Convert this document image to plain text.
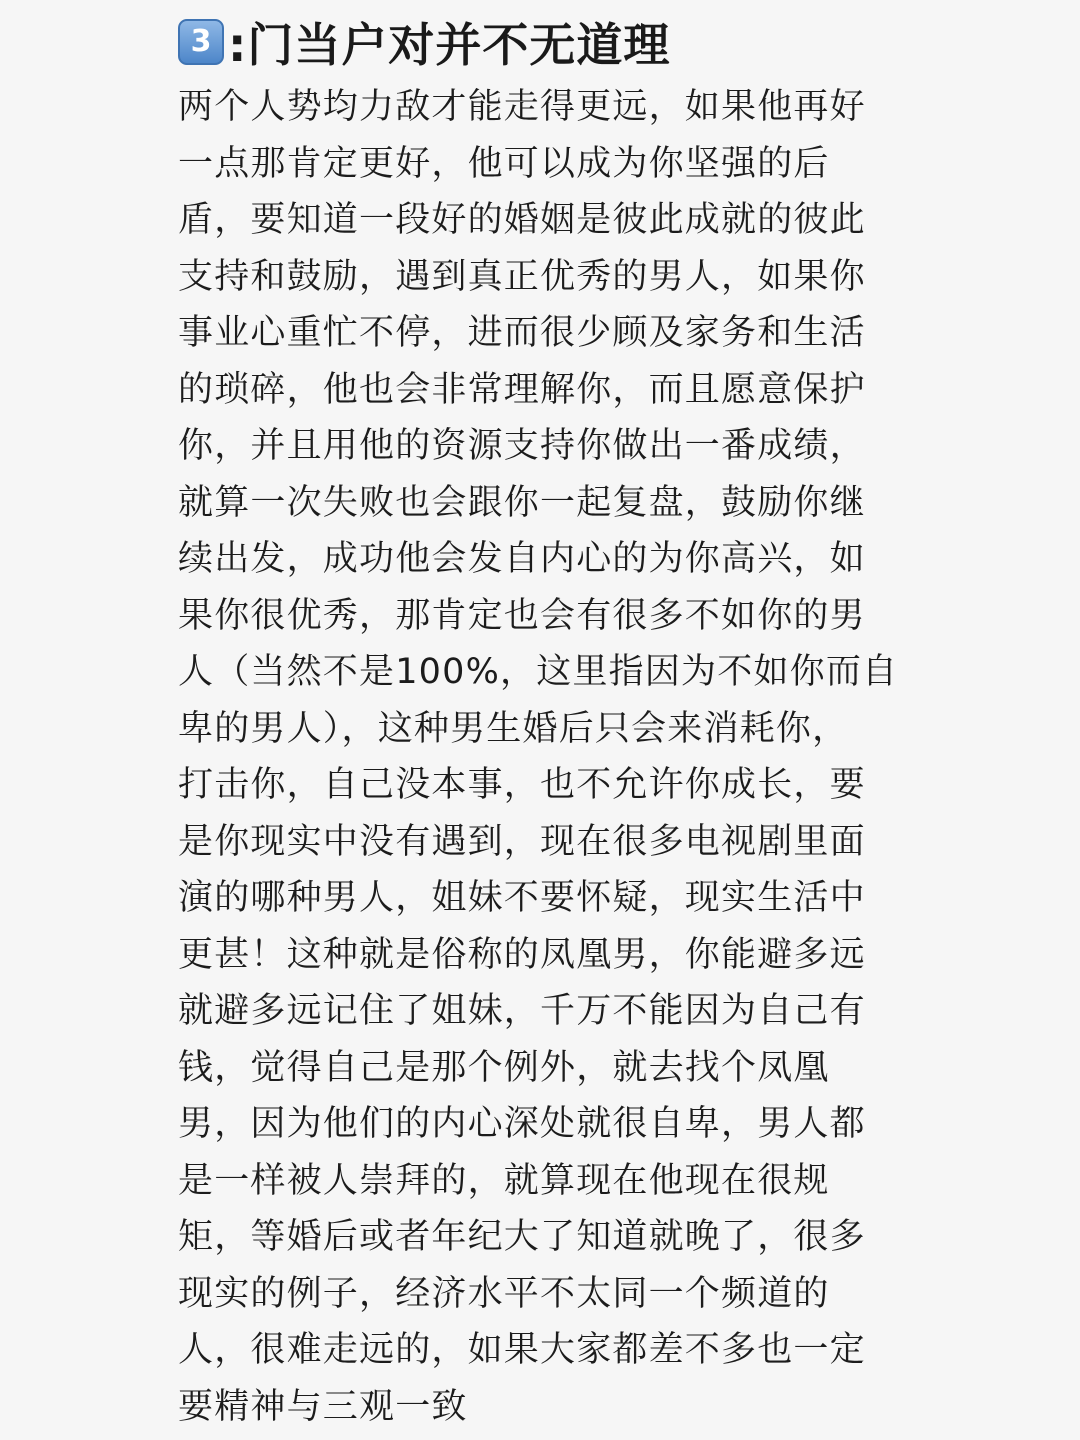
3 :门当户对并不无道理
两个人势均力敌才能走得更远，如果他再好
一点那肯定更好，他可以成为你坚强的后
盾，要知道一段好的婚姻是彼此成就的彼此
支持和鼓励，遇到真正优秀的男人，如果你
事业心重忙不停，进而很少顾及家务和生活
的琐碎，他也会非常理解你，而且愿意保护
你，并且用他的资源支持你做出一番成绩，
就算一次失败也会跟你一起复盘，鼓励你继
续出发，成功他会发自内心的为你高兴，如
果你很优秀，那肯定也会有很多不如你的男
人（当然不是100%，这里指因为不如你而自
卑的男人），这种男生婚后只会来消耗你，
打击你，自己没本事，也不允许你成长，要
是你现实中没有遇到，现在很多电视剧里面
演的哪种男人，姐妹不要怀疑，现实生活中
更甚！这种就是俗称的凤凰男，你能避多远
就避多远记住了姐妹，千万不能因为自己有
钱，觉得自己是那个例外，就去找个凤凰
男，因为他们的内心深处就很自卑，男人都
是一样被人崇拜的，就算现在他现在很规
矩，等婚后或者年纪大了知道就晚了，很多
现实的例子，经济水平不太同一个频道的
人，很难走远的，如果大家都差不多也一定
要精神与三观一致
